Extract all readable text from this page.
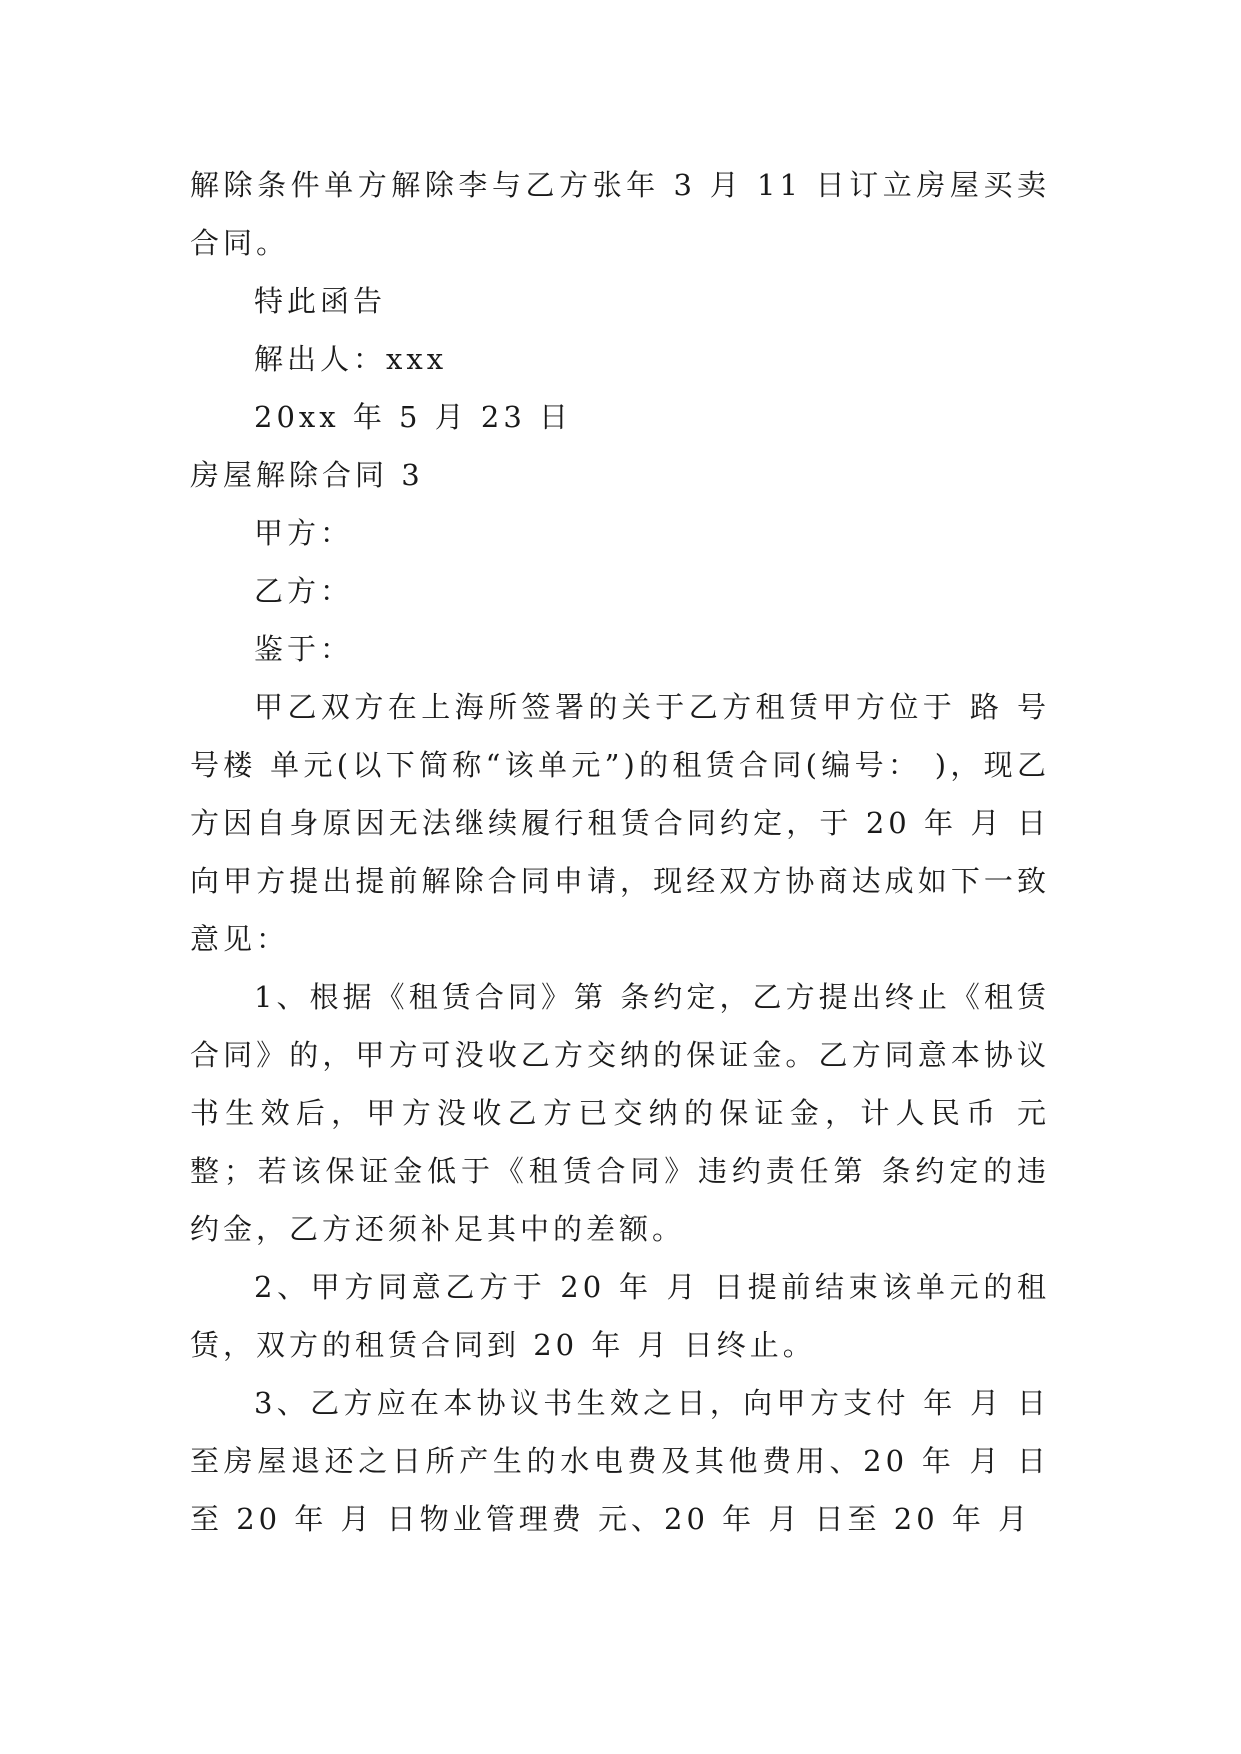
解除条件单方解除李与乙方张年 3 月 11 日订立房屋买卖合同。

特此函告

解出人：xxx

20xx 年 5 月 23 日

房屋解除合同 3

甲方：

乙方：

鉴于：

甲乙双方在上海所签署的关于乙方租赁甲方位于 路 号 号楼 单元(以下简称“该单元”)的租赁合同(编号： )，现乙方因自身原因无法继续履行租赁合同约定，于 20 年 月 日向甲方提出提前解除合同申请，现经双方协商达成如下一致意见：

1、根据《租赁合同》第 条约定，乙方提出终止《租赁合同》的，甲方可没收乙方交纳的保证金。乙方同意本协议书生效后，甲方没收乙方已交纳的保证金，计人民币 元整；若该保证金低于《租赁合同》违约责任第 条约定的违约金，乙方还须补足其中的差额。

2、甲方同意乙方于 20 年 月 日提前结束该单元的租赁，双方的租赁合同到 20 年 月 日终止。

3、乙方应在本协议书生效之日，向甲方支付 年 月 日至房屋退还之日所产生的水电费及其他费用、20 年 月 日至 20 年 月 日物业管理费 元、20 年 月 日至 20 年 月
